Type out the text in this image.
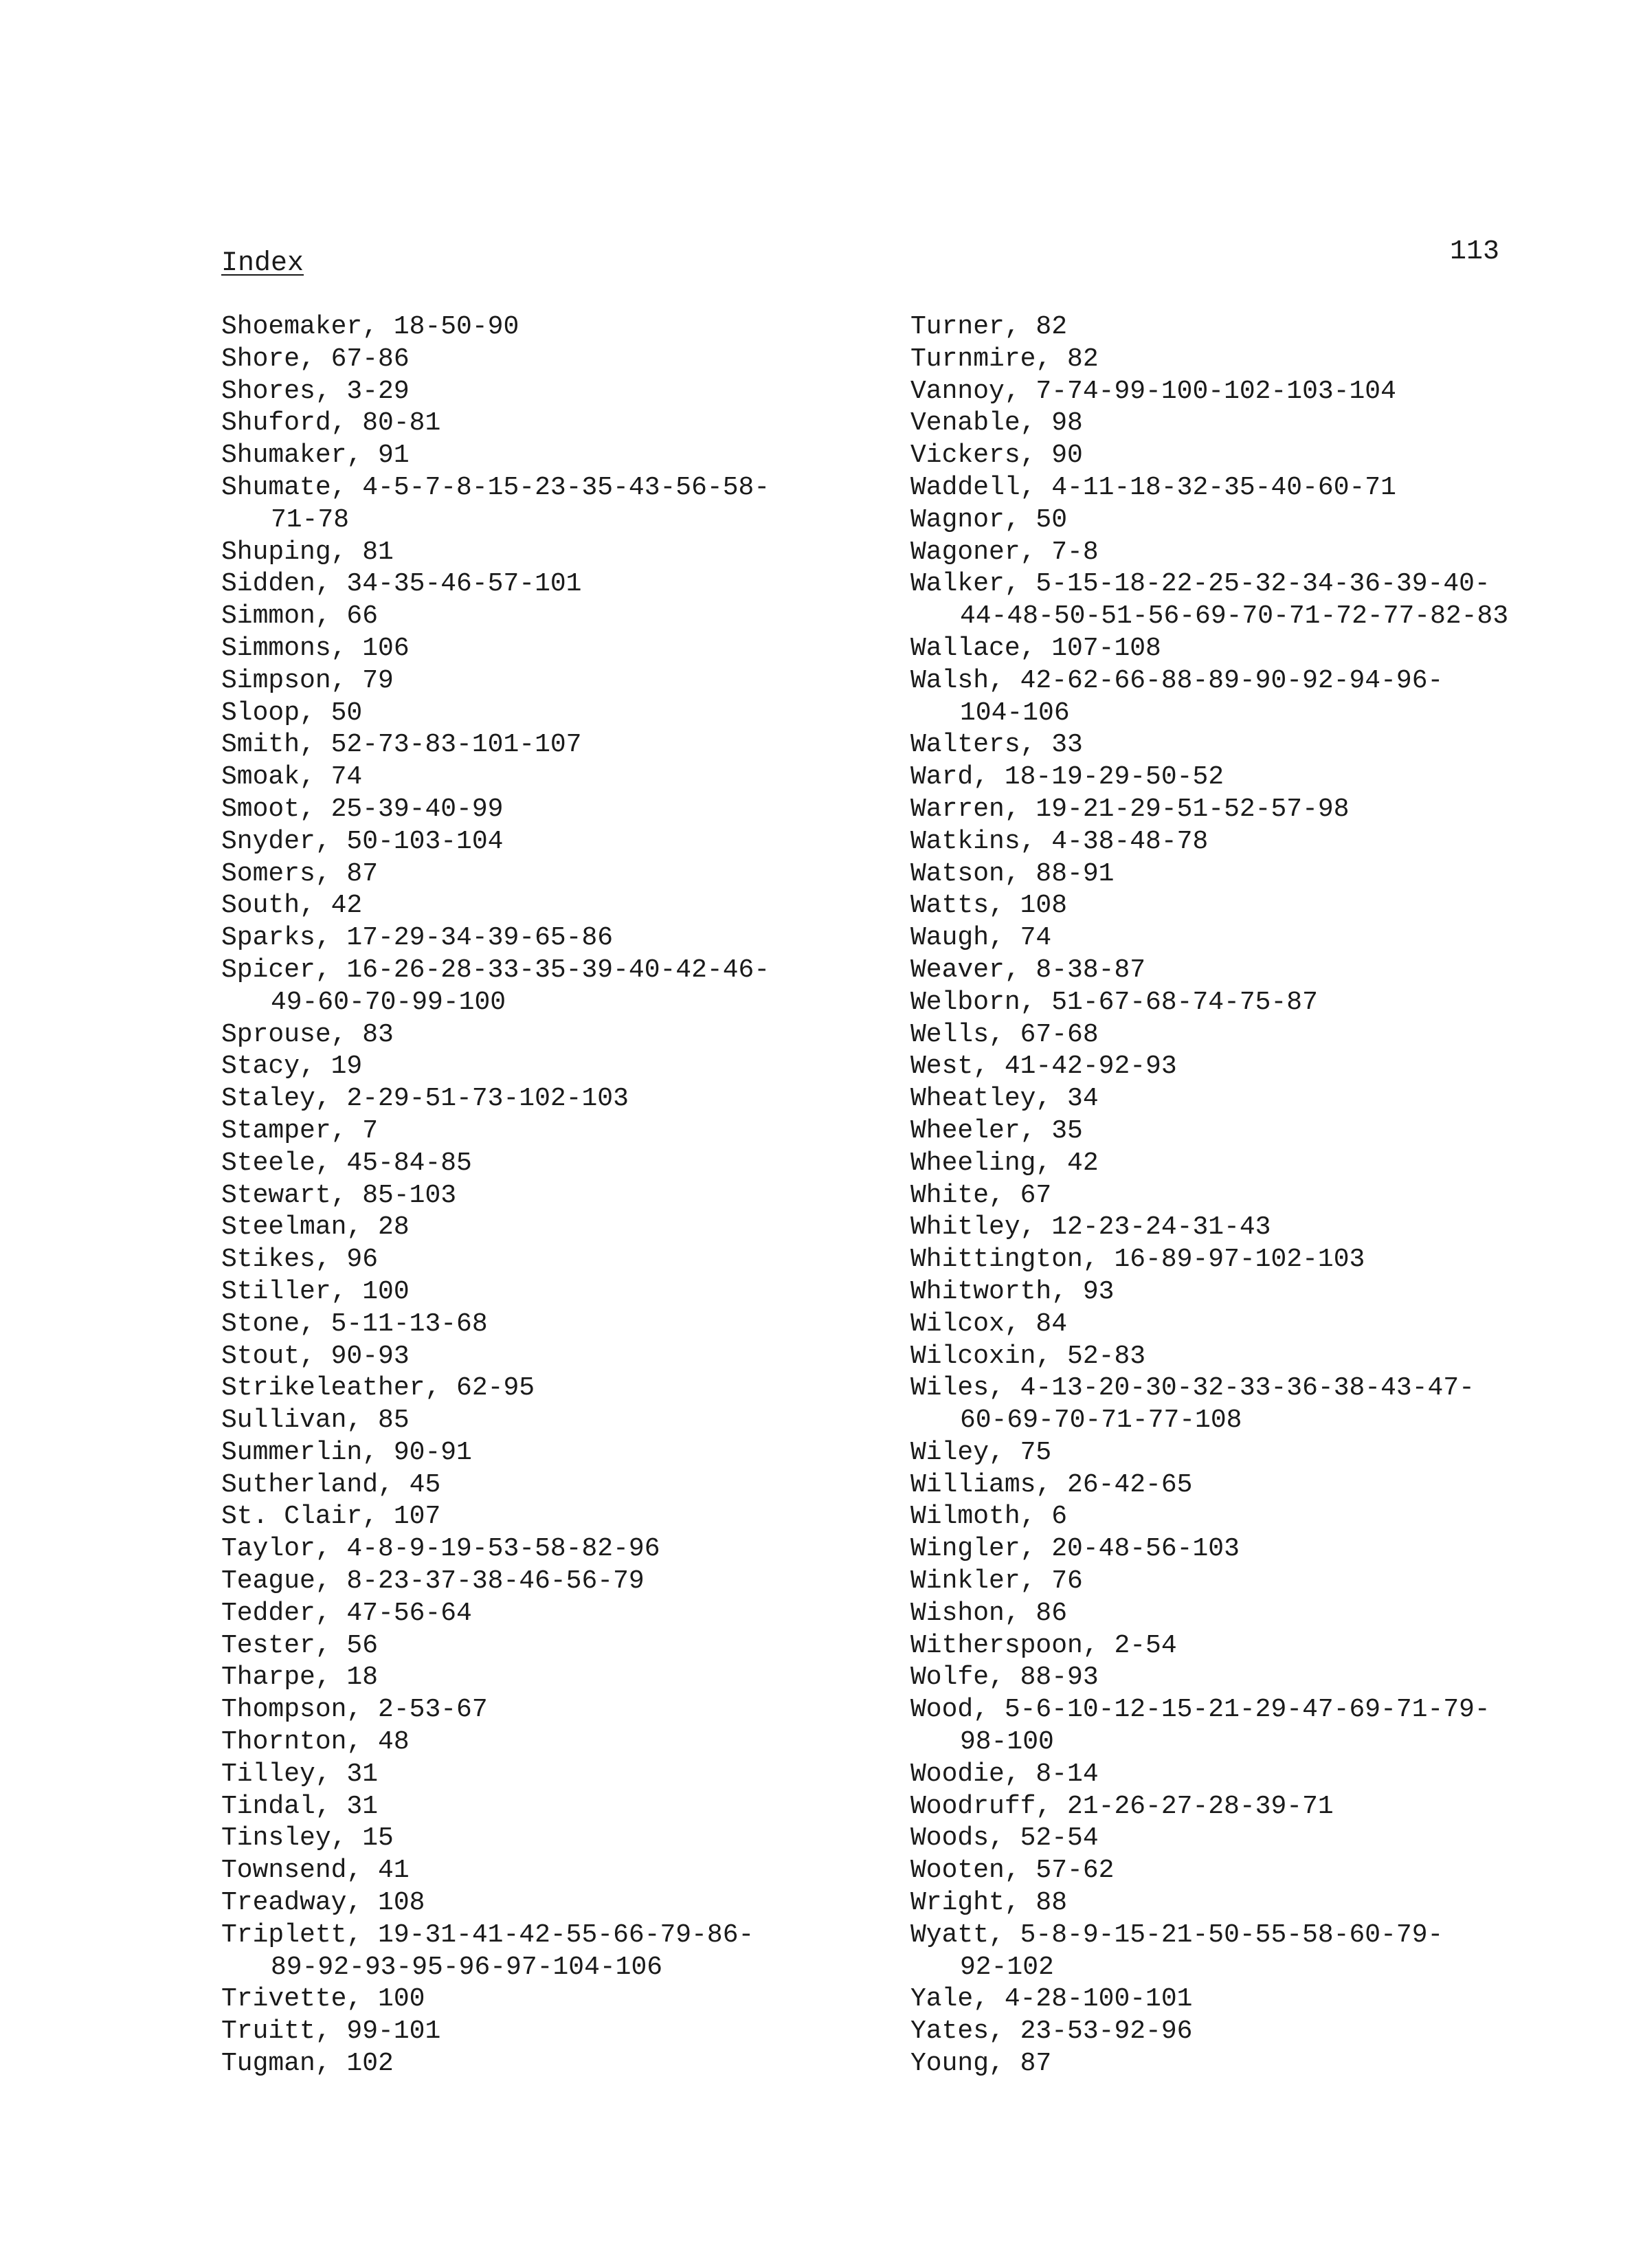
Index	113
Shoemaker, 18-50-90
Shore, 67-86
Shores, 3-29
Shuford, 80-81
Shumaker, 91
Shumate, 4-5-7-8-15-23-35-43-56-58-
71-78
Shuping, 81
Sidden, 34-35-46-57-101
Simmon, 66
Simmons, 106
Simpson, 79
Sloop, 50
Smith, 52-73-83-101-107
Smoak, 74
Smoot, 25-39-40-99
Snyder, 50-103-104
Somers, 87
South, 42
Sparks, 17-29-34-39-65-86
Spicer, 16-26-28-33-35-39-40-42-46-
49-60-70-99-100
Sprouse, 83
Stacy, 19
Staley, 2-29-51-73-102-103
Stamper, 7
Steele, 45-84-85
Stewart, 85-103
Steelman, 28
Stikes, 96
Stiller, 100
Stone, 5-11-13-68
Stout, 90-93
Strikeleather, 62-95
Sullivan, 85
Summerlin, 90-91
Sutherland, 45
St. Clair, 107
Taylor, 4-8-9-19-53-58-82-96
Teague, 8-23-37-38-46-56-79
Tedder, 47-56-64
Tester, 56
Tharpe, 18
Thompson, 2-53-67
Thornton, 48
Tilley, 31
Tindal, 31
Tinsley, 15
Townsend, 41
Treadway, 108
Triplett, 19-31-41-42-55-66-79-86-
89-92-93-95-96-97-104-106
Trivette, 100
Truitt, 99-101
Tugman, 102
Turner, 82
Turnmire, 82
Vannoy, 7-74-99-100-102-103-104
Venable, 98
Vickers, 90
Waddell, 4-11-18-32-35-40-60-71
Wagnor, 50
Wagoner, 7-8
Walker, 5-15-18-22-25-32-34-36-39-40-
44-48-50-51-56-69-70-71-72-77-82-83
Wallace, 107-108
Walsh, 42-62-66-88-89-90-92-94-96-
104-106
Walters, 33
Ward, 18-19-29-50-52
Warren, 19-21-29-51-52-57-98
Watkins, 4-38-48-78
Watson, 88-91
Watts, 108
Waugh, 74
Weaver, 8-38-87
Welborn, 51-67-68-74-75-87
Wells, 67-68
West, 41-42-92-93
Wheatley, 34
Wheeler, 35
Wheeling, 42
White, 67
Whitley, 12-23-24-31-43
Whittington, 16-89-97-102-103
Whitworth, 93
Wilcox, 84
Wilcoxin, 52-83
Wiles, 4-13-20-30-32-33-36-38-43-47-
60-69-70-71-77-108
Wiley, 75
Williams, 26-42-65
Wilmoth, 6
Wingler, 20-48-56-103
Winkler, 76
Wishon, 86
Witherspoon, 2-54
Wolfe, 88-93
Wood, 5-6-10-12-15-21-29-47-69-71-79-
98-100
Woodie, 8-14
Woodruff, 21-26-27-28-39-71
Woods, 52-54
Wooten, 57-62
Wright, 88
Wyatt, 5-8-9-15-21-50-55-58-60-79-
92-102
Yale, 4-28-100-101
Yates, 23-53-92-96
Young, 87
